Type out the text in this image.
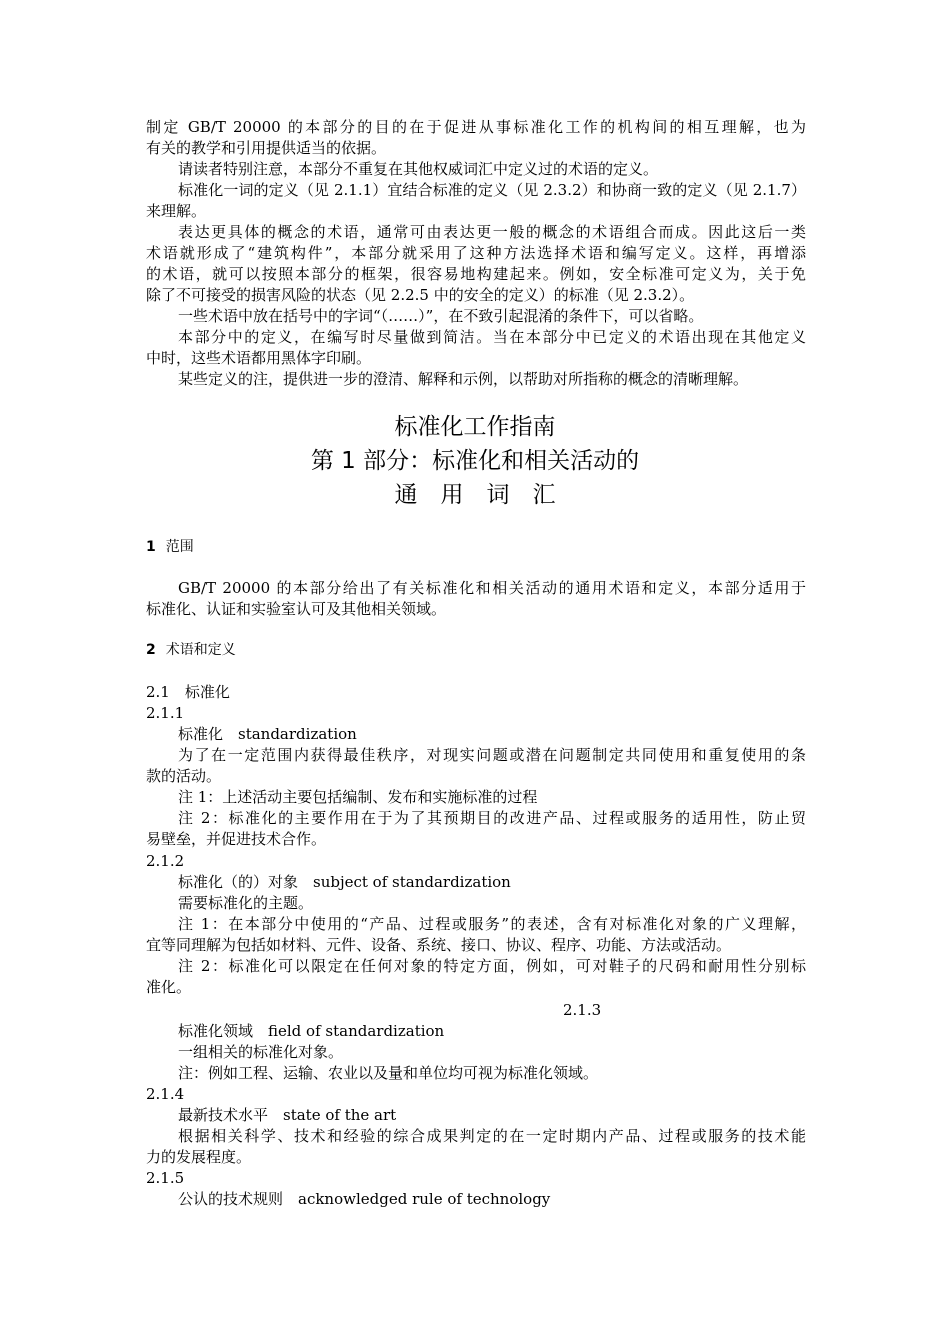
制定 GB/T 20000 的本部分的目的在于促进从事标准化工作的机构间的相互理解，也为
有关的教学和引用提供适当的依据。
请读者特别注意，本部分不重复在其他权威词汇中定义过的术语的定义。
标准化一词的定义（见 2.1.1）宜结合标准的定义（见 2.3.2）和协商一致的定义（见 2.1.7）
来理解。
表达更具体的概念的术语，通常可由表达更一般的概念的术语组合而成。因此这后一类
术语就形成了“建筑构件”，本部分就采用了这种方法选择术语和编写定义。这样，再增添
的术语，就可以按照本部分的框架，很容易地构建起来。例如，安全标准可定义为，关于免
除了不可接受的损害风险的状态（见 2.2.5 中的安全的定义）的标准（见 2.3.2）。
一些术语中放在括号中的字词“（……）”，在不致引起混淆的条件下，可以省略。
本部分中的定义，在编写时尽量做到简洁。当在本部分中已定义的术语出现在其他定义
中时，这些术语都用黑体字印刷。
某些定义的注，提供进一步的澄清、解释和示例，以帮助对所指称的概念的清晰理解。
标准化工作指南
第 1 部分：标准化和相关活动的
通　用　词　汇
1 范围
GB/T 20000 的本部分给出了有关标准化和相关活动的通用术语和定义，本部分适用于
标准化、认证和实验室认可及其他相关领域。
2 术语和定义
2.1　标准化
2.1.1
标准化　standardization
为了在一定范围内获得最佳秩序，对现实问题或潜在问题制定共同使用和重复使用的条
款的活动。
注 1：上述活动主要包括编制、发布和实施标准的过程
注 2：标准化的主要作用在于为了其预期目的改进产品、过程或服务的适用性，防止贸
易壁垒，并促进技术合作。
2.1.2
标准化（的）对象　subject of standardization
需要标准化的主题。
注 1：在本部分中使用的“产品、过程或服务”的表述，含有对标准化对象的广义理解，
宜等同理解为包括如材料、元件、设备、系统、接口、协议、程序、功能、方法或活动。
注 2：标准化可以限定在任何对象的特定方面，例如，可对鞋子的尺码和耐用性分别标
准化。
2.1.3
标准化领域　field of standardization
一组相关的标准化对象。
注：例如工程、运输、农业以及量和单位均可视为标准化领域。
2.1.4
最新技术水平　state of the art
根据相关科学、技术和经验的综合成果判定的在一定时期内产品、过程或服务的技术能
力的发展程度。
2.1.5
公认的技术规则　acknowledged rule of technology
